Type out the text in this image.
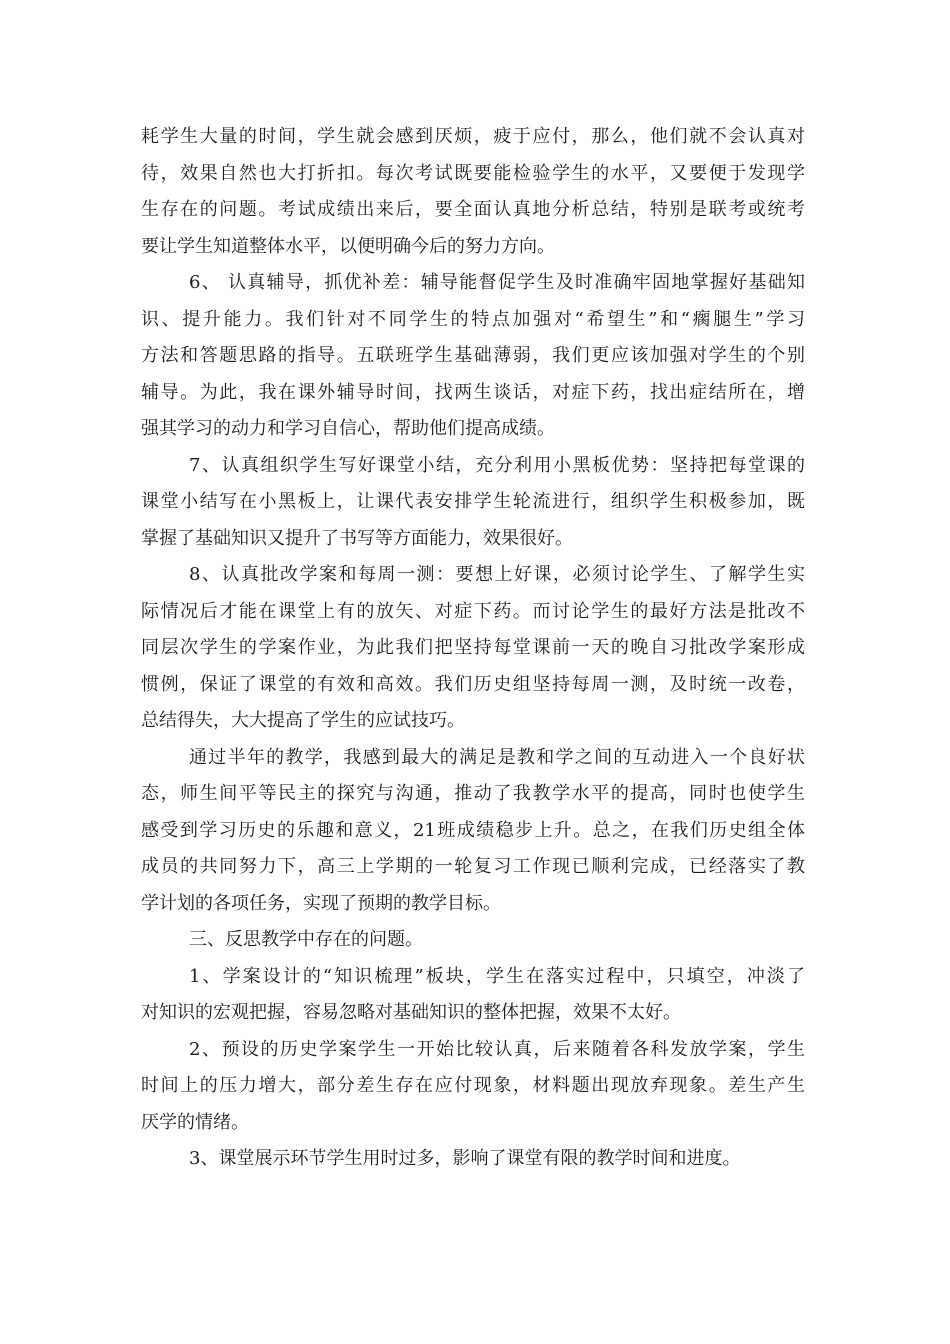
耗学生大量的时间，学生就会感到厌烦，疲于应付，那么，他们就不会认真对
待，效果自然也大打折扣。每次考试既要能检验学生的水平，又要便于发现学
生存在的问题。考试成绩出来后，要全面认真地分析总结，特别是联考或统考
要让学生知道整体水平，以便明确今后的努力方向。
6、 认真辅导，抓优补差：辅导能督促学生及时准确牢固地掌握好基础知
识、提升能力。我们针对不同学生的特点加强对“希望生”和“瘸腿生”学习
方法和答题思路的指导。五联班学生基础薄弱，我们更应该加强对学生的个别
辅导。为此，我在课外辅导时间，找两生谈话，对症下药，找出症结所在，增
强其学习的动力和学习自信心，帮助他们提高成绩。
7、认真组织学生写好课堂小结，充分利用小黑板优势：坚持把每堂课的
课堂小结写在小黑板上，让课代表安排学生轮流进行，组织学生积极参加，既
掌握了基础知识又提升了书写等方面能力，效果很好。
8、认真批改学案和每周一测：要想上好课，必须讨论学生、了解学生实
际情况后才能在课堂上有的放矢、对症下药。而讨论学生的最好方法是批改不
同层次学生的学案作业，为此我们把坚持每堂课前一天的晚自习批改学案形成
惯例，保证了课堂的有效和高效。我们历史组坚持每周一测，及时统一改卷，
总结得失，大大提高了学生的应试技巧。
通过半年的教学，我感到最大的满足是教和学之间的互动进入一个良好状
态，师生间平等民主的探究与沟通，推动了我教学水平的提高，同时也使学生
感受到学习历史的乐趣和意义，21班成绩稳步上升。总之，在我们历史组全体
成员的共同努力下，高三上学期的一轮复习工作现已顺利完成，已经落实了教
学计划的各项任务，实现了预期的教学目标。
三、反思教学中存在的问题。
1、学案设计的“知识梳理”板块，学生在落实过程中，只填空，冲淡了
对知识的宏观把握，容易忽略对基础知识的整体把握，效果不太好。
2、预设的历史学案学生一开始比较认真，后来随着各科发放学案，学生
时间上的压力增大，部分差生存在应付现象，材料题出现放弃现象。差生产生
厌学的情绪。
3、课堂展示环节学生用时过多，影响了课堂有限的教学时间和进度。
